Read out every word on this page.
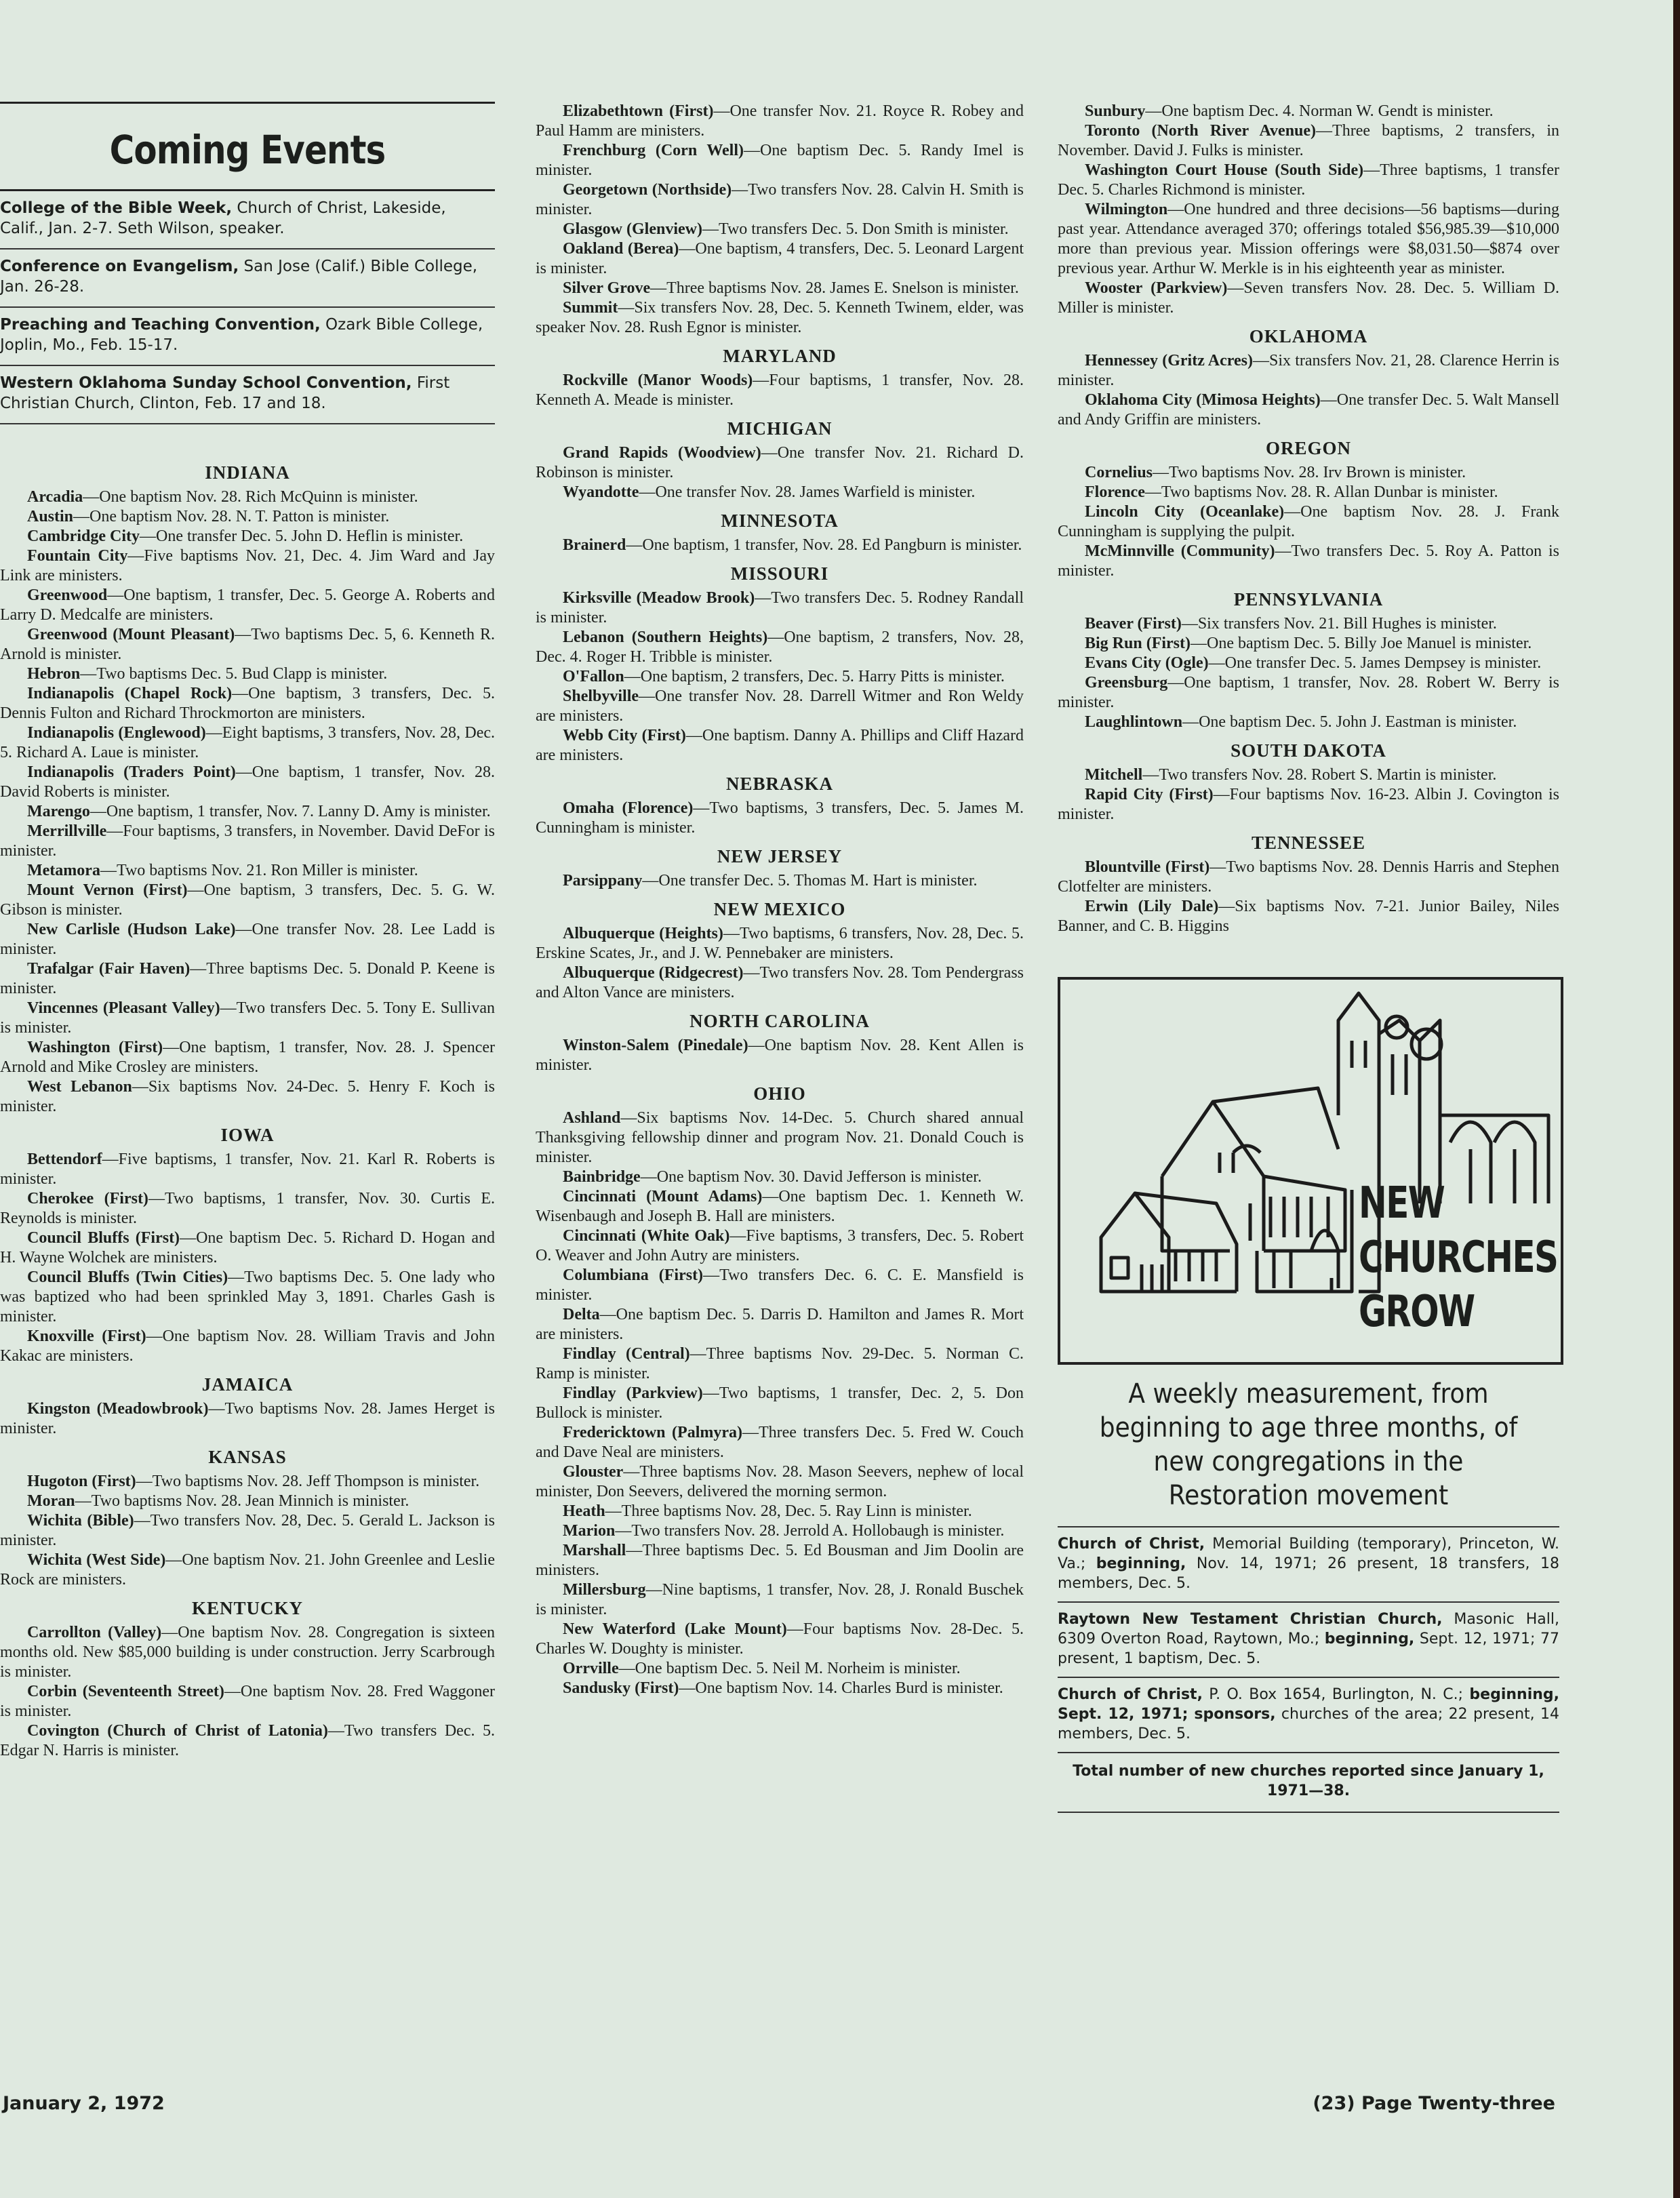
Coming Events
College of the Bible Week, Church of Christ, Lakeside, Calif., Jan. 2-7. Seth Wilson, speaker.
Conference on Evangelism, San Jose (Calif.) Bible College, Jan. 26-28.
Preaching and Teaching Convention, Ozark Bible College, Joplin, Mo., Feb. 15-17.
Western Oklahoma Sunday School Convention, First Christian Church, Clinton, Feb. 17 and 18.
INDIANA

Arcadia—One baptism Nov. 28. Rich McQuinn is minister.

Austin—One baptism Nov. 28. N. T. Patton is minister.

Cambridge City—One transfer Dec. 5. John D. Heflin is minister.

Fountain City—Five baptisms Nov. 21, Dec. 4. Jim Ward and Jay Link are ministers.

Greenwood—One baptism, 1 transfer, Dec. 5. George A. Roberts and Larry D. Medcalfe are ministers.

Greenwood (Mount Pleasant)—Two baptisms Dec. 5, 6. Kenneth R. Arnold is minister.

Hebron—Two baptisms Dec. 5. Bud Clapp is minister.

Indianapolis (Chapel Rock)—One baptism, 3 transfers, Dec. 5. Dennis Fulton and Richard Throckmorton are ministers.

Indianapolis (Englewood)—Eight baptisms, 3 transfers, Nov. 28, Dec. 5. Richard A. Laue is minister.

Indianapolis (Traders Point)—One baptism, 1 transfer, Nov. 28. David Roberts is minister.

Marengo—One baptism, 1 transfer, Nov. 7. Lanny D. Amy is minister.

Merrillville—Four baptisms, 3 transfers, in November. David DeFor is minister.

Metamora—Two baptisms Nov. 21. Ron Miller is minister.

Mount Vernon (First)—One baptism, 3 transfers, Dec. 5. G. W. Gibson is minister.

New Carlisle (Hudson Lake)—One transfer Nov. 28. Lee Ladd is minister.

Trafalgar (Fair Haven)—Three baptisms Dec. 5. Donald P. Keene is minister.

Vincennes (Pleasant Valley)—Two transfers Dec. 5. Tony E. Sullivan is minister.

Washington (First)—One baptism, 1 transfer, Nov. 28. J. Spencer Arnold and Mike Crosley are ministers.

West Lebanon—Six baptisms Nov. 24-Dec. 5. Henry F. Koch is minister.

IOWA

Bettendorf—Five baptisms, 1 transfer, Nov. 21. Karl R. Roberts is minister.

Cherokee (First)—Two baptisms, 1 transfer, Nov. 30. Curtis E. Reynolds is minister.

Council Bluffs (First)—One baptism Dec. 5. Richard D. Hogan and H. Wayne Wolchek are ministers.

Council Bluffs (Twin Cities)—Two baptisms Dec. 5. One lady who was baptized who had been sprinkled May 3, 1891. Charles Gash is minister.

Knoxville (First)—One baptism Nov. 28. William Travis and John Kakac are ministers.

JAMAICA

Kingston (Meadowbrook)—Two baptisms Nov. 28. James Herget is minister.

KANSAS

Hugoton (First)—Two baptisms Nov. 28. Jeff Thompson is minister.

Moran—Two baptisms Nov. 28. Jean Minnich is minister.

Wichita (Bible)—Two transfers Nov. 28, Dec. 5. Gerald L. Jackson is minister.

Wichita (West Side)—One baptism Nov. 21. John Greenlee and Leslie Rock are ministers.

KENTUCKY

Carrollton (Valley)—One baptism Nov. 28. Congregation is sixteen months old. New $85,000 building is under construction. Jerry Scarbrough is minister.

Corbin (Seventeenth Street)—One baptism Nov. 28. Fred Waggoner is minister.

Covington (Church of Christ of Latonia)—Two transfers Dec. 5. Edgar N. Harris is minister.

Elizabethtown (First)—One transfer Nov. 21. Royce R. Robey and Paul Hamm are ministers.

Frenchburg (Corn Well)—One baptism Dec. 5. Randy Imel is minister.

Georgetown (Northside)—Two transfers Nov. 28. Calvin H. Smith is minister.

Glasgow (Glenview)—Two transfers Dec. 5. Don Smith is minister.

Oakland (Berea)—One baptism, 4 transfers, Dec. 5. Leonard Largent is minister.

Silver Grove—Three baptisms Nov. 28. James E. Snelson is minister.

Summit—Six transfers Nov. 28, Dec. 5. Kenneth Twinem, elder, was speaker Nov. 28. Rush Egnor is minister.

MARYLAND

Rockville (Manor Woods)—Four baptisms, 1 transfer, Nov. 28. Kenneth A. Meade is minister.

MICHIGAN

Grand Rapids (Woodview)—One transfer Nov. 21. Richard D. Robinson is minister.

Wyandotte—One transfer Nov. 28. James Warfield is minister.

MINNESOTA

Brainerd—One baptism, 1 transfer, Nov. 28. Ed Pangburn is minister.

MISSOURI

Kirksville (Meadow Brook)—Two transfers Dec. 5. Rodney Randall is minister.

Lebanon (Southern Heights)—One baptism, 2 transfers, Nov. 28, Dec. 4. Roger H. Tribble is minister.

O'Fallon—One baptism, 2 transfers, Dec. 5. Harry Pitts is minister.

Shelbyville—One transfer Nov. 28. Darrell Witmer and Ron Weldy are ministers.

Webb City (First)—One baptism. Danny A. Phillips and Cliff Hazard are ministers.

NEBRASKA

Omaha (Florence)—Two baptisms, 3 transfers, Dec. 5. James M. Cunningham is minister.

NEW JERSEY

Parsippany—One transfer Dec. 5. Thomas M. Hart is minister.

NEW MEXICO

Albuquerque (Heights)—Two baptisms, 6 transfers, Nov. 28, Dec. 5. Erskine Scates, Jr., and J. W. Pennebaker are ministers.

Albuquerque (Ridgecrest)—Two transfers Nov. 28. Tom Pendergrass and Alton Vance are ministers.

NORTH CAROLINA

Winston-Salem (Pinedale)—One baptism Nov. 28. Kent Allen is minister.

OHIO

Ashland—Six baptisms Nov. 14-Dec. 5. Church shared annual Thanksgiving fellowship dinner and program Nov. 21. Donald Couch is minister.

Bainbridge—One baptism Nov. 30. David Jefferson is minister.

Cincinnati (Mount Adams)—One baptism Dec. 1. Kenneth W. Wisenbaugh and Joseph B. Hall are ministers.

Cincinnati (White Oak)—Five baptisms, 3 transfers, Dec. 5. Robert O. Weaver and John Autry are ministers.

Columbiana (First)—Two transfers Dec. 6. C. E. Mansfield is minister.

Delta—One baptism Dec. 5. Darris D. Hamilton and James R. Mort are ministers.

Findlay (Central)—Three baptisms Nov. 29-Dec. 5. Norman C. Ramp is minister.

Findlay (Parkview)—Two baptisms, 1 transfer, Dec. 2, 5. Don Bullock is minister.

Fredericktown (Palmyra)—Three transfers Dec. 5. Fred W. Couch and Dave Neal are ministers.

Glouster—Three baptisms Nov. 28. Mason Seevers, nephew of local minister, Don Seevers, delivered the morning sermon.

Heath—Three baptisms Nov. 28, Dec. 5. Ray Linn is minister.

Marion—Two transfers Nov. 28. Jerrold A. Hollobaugh is minister.

Marshall—Three baptisms Dec. 5. Ed Bousman and Jim Doolin are ministers.

Millersburg—Nine baptisms, 1 transfer, Nov. 28, J. Ronald Buschek is minister.

New Waterford (Lake Mount)—Four baptisms Nov. 28-Dec. 5. Charles W. Doughty is minister.

Orrville—One baptism Dec. 5. Neil M. Norheim is minister.

Sandusky (First)—One baptism Nov. 14. Charles Burd is minister.

Sunbury—One baptism Dec. 4. Norman W. Gendt is minister.

Toronto (North River Avenue)—Three baptisms, 2 transfers, in November. David J. Fulks is minister.

Washington Court House (South Side)—Three baptisms, 1 transfer Dec. 5. Charles Richmond is minister.

Wilmington—One hundred and three decisions—56 baptisms—during past year. Attendance averaged 370; offerings totaled $56,985.39—$10,000 more than previous year. Mission offerings were $8,031.50—$874 over previous year. Arthur W. Merkle is in his eighteenth year as minister.

Wooster (Parkview)—Seven transfers Nov. 28. Dec. 5. William D. Miller is minister.

OKLAHOMA

Hennessey (Gritz Acres)—Six transfers Nov. 21, 28. Clarence Herrin is minister.

Oklahoma City (Mimosa Heights)—One transfer Dec. 5. Walt Mansell and Andy Griffin are ministers.

OREGON

Cornelius—Two baptisms Nov. 28. Irv Brown is minister.

Florence—Two baptisms Nov. 28. R. Allan Dunbar is minister.

Lincoln City (Oceanlake)—One baptism Nov. 28. J. Frank Cunningham is supplying the pulpit.

McMinnville (Community)—Two transfers Dec. 5. Roy A. Patton is minister.

PENNSYLVANIA

Beaver (First)—Six transfers Nov. 21. Bill Hughes is minister.

Big Run (First)—One baptism Dec. 5. Billy Joe Manuel is minister.

Evans City (Ogle)—One transfer Dec. 5. James Dempsey is minister.

Greensburg—One baptism, 1 transfer, Nov. 28. Robert W. Berry is minister.

Laughlintown—One baptism Dec. 5. John J. Eastman is minister.

SOUTH DAKOTA

Mitchell—Two transfers Nov. 28. Robert S. Martin is minister.

Rapid City (First)—Four baptisms Nov. 16-23. Albin J. Covington is minister.

TENNESSEE

Blountville (First)—Two baptisms Nov. 28. Dennis Harris and Stephen Clotfelter are ministers.

Erwin (Lily Dale)—Six baptisms Nov. 7-21. Junior Bailey, Niles Banner, and C. B. Higgins

NEW CHURCHES GROW
A weekly measurement, from beginning to age three months, of new congregations in the Restoration movement
Church of Christ, Memorial Building (temporary), Princeton, W. Va.; beginning, Nov. 14, 1971; 26 present, 18 transfers, 18 members, Dec. 5.
Raytown New Testament Christian Church, Masonic Hall, 6309 Overton Road, Raytown, Mo.; beginning, Sept. 12, 1971; 77 present, 1 baptism, Dec. 5.
Church of Christ, P. O. Box 1654, Burlington, N. C.; beginning, Sept. 12, 1971; sponsors, churches of the area; 22 present, 14 members, Dec. 5.
Total number of new churches reported since January 1, 1971—38.
January 2, 1972	(23) Page Twenty-three
